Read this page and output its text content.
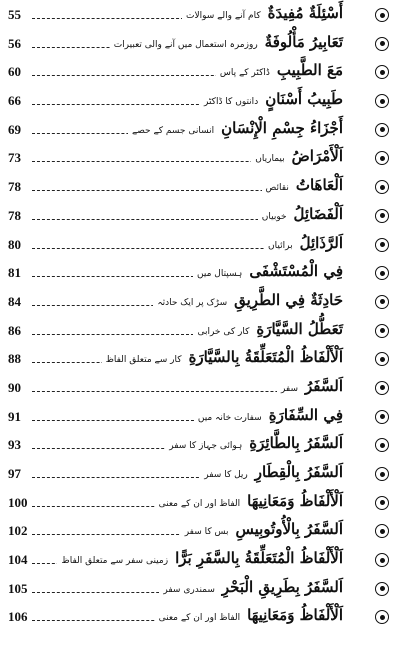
55	أَسْئِلَةٌ مُفِيدَةٌ
کام آنے والے سوالات
56	تَعَابِيرُ مَأْلُوفَةٌ
روزمرہ استعمال میں آنے والی تعبیرات
60	مَعَ الطَّبِيبِ
ڈاکٹر کے پاس
66	طَبِيبُ أَسْنَانٍ
دانتوں کا ڈاکٹر
69	أَجْزَاءُ جِسْمِ الْإِنْسَانِ
انسانی جسم کے حصے
73	اَلْأَمْرَاضُ
بیماریاں
78	اَلْعَاهَاتُ
نقائص
78	اَلْفَضَائِلُ
خوبیاں
80	اَلرَّذَائِلُ
برائیاں
81	فِي الْمُسْتَشْفَى
ہسپتال میں
84	حَادِثَةٌ فِي الطَّرِيقِ
سڑک پر ایک حادثہ
86	تَعَطُّلُ السَّيَّارَةِ
کار کی خرابی
88	اَلْأَلْفَاظُ الْمُتَعَلِّقَةُ بِالسَّيَّارَةِ
کار سے متعلق الفاظ
90	اَلسَّفَرُ
سفر
91	فِي السِّفَارَةِ
سفارت خانہ میں
93	اَلسَّفَرُ بِالطَّائِرَةِ
ہوائی جہاز کا سفر
97	اَلسَّفَرُ بِالْقِطَارِ
ریل کا سفر
100	اَلْأَلْفَاظُ وَمَعَانِيهَا
الفاظ اور ان کے معنی
102	اَلسَّفَرُ بِالْأُوتُوبِيسِ
بس کا سفر
104	اَلْأَلْفَاظُ الْمُتَعَلِّقَةُ بِالسَّفَرِ بَرًّا
زمینی سفر سے متعلق الفاظ
105	اَلسَّفَرُ بِطَرِيقِ الْبَحْرِ
سمندری سفر
106	اَلْأَلْفَاظُ وَمَعَانِيهَا
الفاظ اور ان کے معنی
